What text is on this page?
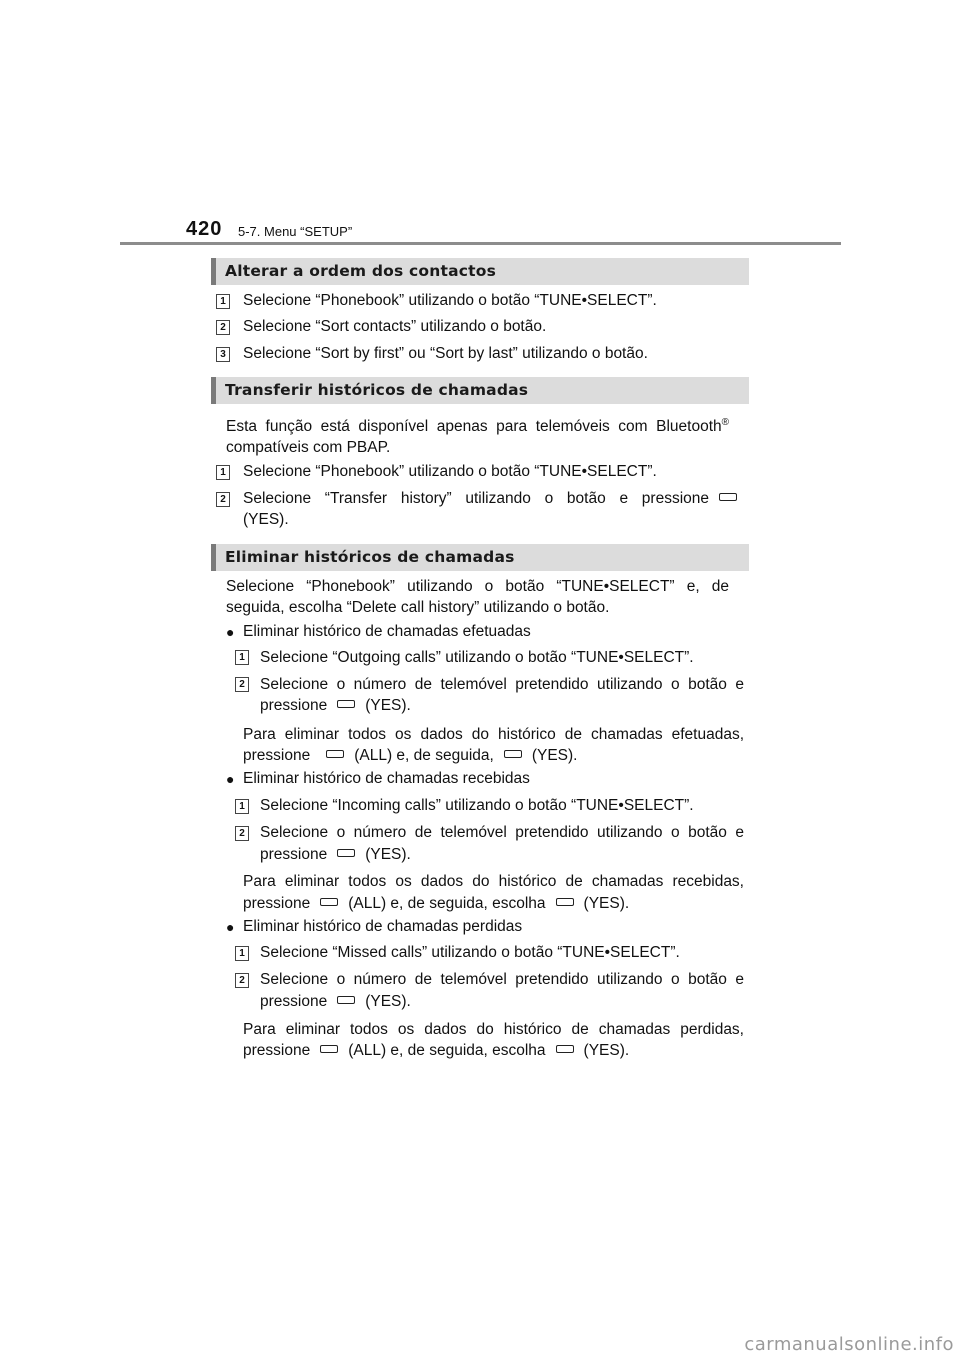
420 5-7. Menu “SETUP”
Alterar a ordem dos contactos
1 Selecione “Phonebook” utilizando o botão “TUNE•SELECT”.
2 Selecione “Sort contacts” utilizando o botão.
3 Selecione “Sort by first” ou “Sort by last” utilizando o botão.
Transferir históricos de chamadas
Esta função está disponível apenas para telemóveis com Bluetooth®
compatíveis com PBAP.
1 Selecione “Phonebook” utilizando o botão “TUNE•SELECT”.
2 Selecione “Transfer history” utilizando o botão e pressione
(YES).
Eliminar históricos de chamadas
Selecione “Phonebook” utilizando o botão “TUNE•SELECT” e, de
seguida, escolha “Delete call history” utilizando o botão.
● Eliminar histórico de chamadas efetuadas
1 Selecione “Outgoing calls” utilizando o botão “TUNE•SELECT”.
2 Selecione o número de telemóvel pretendido utilizando o botão e
pressione (YES).
Para eliminar todos os dados do histórico de chamadas efetuadas,
pressione	(ALL) e, de seguida, (YES).
● Eliminar histórico de chamadas recebidas
1 Selecione “Incoming calls” utilizando o botão “TUNE•SELECT”.
2 Selecione o número de telemóvel pretendido utilizando o botão e
pressione (YES).
Para eliminar todos os dados do histórico de chamadas recebidas,
pressione (ALL) e, de seguida, escolha (YES).
● Eliminar histórico de chamadas perdidas
1 Selecione “Missed calls” utilizando o botão “TUNE•SELECT”.
2 Selecione o número de telemóvel pretendido utilizando o botão e
pressione (YES).
Para eliminar todos os dados do histórico de chamadas perdidas,
pressione (ALL) e, de seguida, escolha (YES).
carmanualsonline.info
